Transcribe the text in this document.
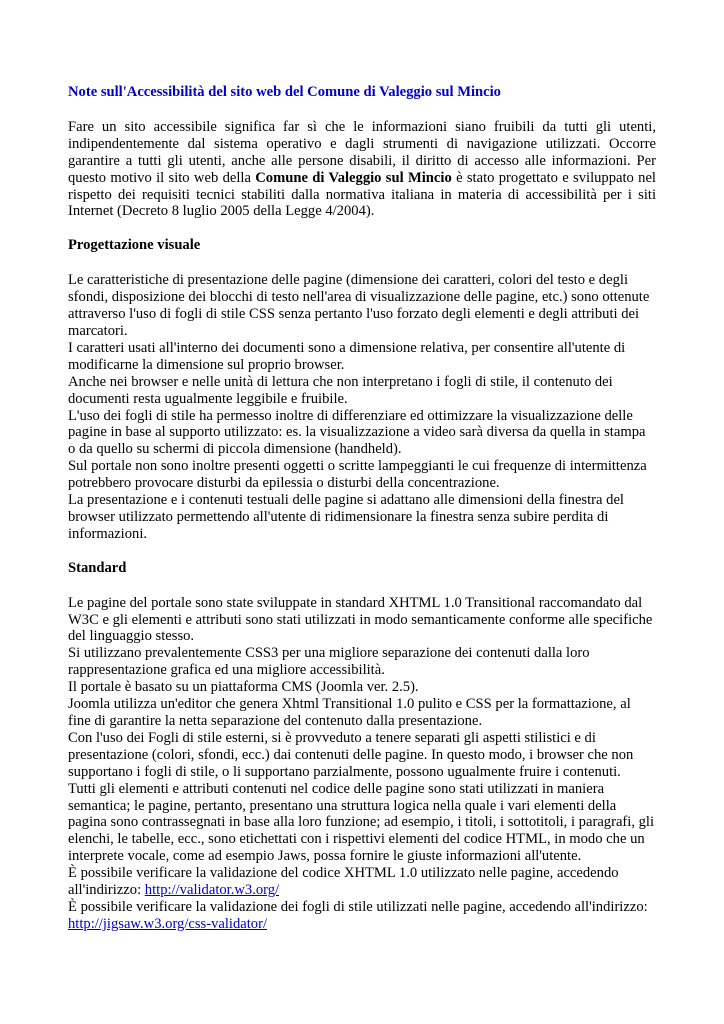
Note sull'Accessibilità del sito web del Comune di Valeggio sul Mincio
Fare un sito accessibile significa far sì che le informazioni siano fruibili da tutti gli utenti, indipendentemente dal sistema operativo e dagli strumenti di navigazione utilizzati. Occorre garantire a tutti gli utenti, anche alle persone disabili, il diritto di accesso alle informazioni. Per questo motivo il sito web della Comune di Valeggio sul Mincio è stato progettato e sviluppato nel rispetto dei requisiti tecnici stabiliti dalla normativa italiana in materia di accessibilità per i siti Internet (Decreto 8 luglio 2005 della Legge 4/2004).
Progettazione visuale
Le caratteristiche di presentazione delle pagine (dimensione dei caratteri, colori del testo e degli sfondi, disposizione dei blocchi di testo nell'area di visualizzazione delle pagine, etc.) sono ottenute attraverso l'uso di fogli di stile CSS senza pertanto l'uso forzato degli elementi e degli attributi dei marcatori.
I caratteri usati all'interno dei documenti sono a dimensione relativa, per consentire all'utente di modificarne la dimensione sul proprio browser.
Anche nei browser e nelle unità di lettura che non interpretano i fogli di stile, il contenuto dei documenti resta ugualmente leggibile e fruibile.
L'uso dei fogli di stile ha permesso inoltre di differenziare ed ottimizzare la visualizzazione delle pagine in base al supporto utilizzato: es. la visualizzazione a video sarà diversa da quella in stampa o da quello su schermi di piccola dimensione (handheld).
Sul portale non sono inoltre presenti oggetti o scritte lampeggianti le cui frequenze di intermittenza potrebbero provocare disturbi da epilessia o disturbi della concentrazione.
La presentazione e i contenuti testuali delle pagine si adattano alle dimensioni della finestra del browser utilizzato permettendo all'utente di ridimensionare la finestra senza subire perdita di informazioni.
Standard
Le pagine del portale sono state sviluppate in standard XHTML 1.0 Transitional raccomandato dal W3C e gli elementi e attributi sono stati utilizzati in modo semanticamente conforme alle specifiche del linguaggio stesso.
Si utilizzano prevalentemente CSS3 per una migliore separazione dei contenuti dalla loro rappresentazione grafica ed una migliore accessibilità.
Il portale è basato su un piattaforma CMS (Joomla ver. 2.5).
Joomla utilizza un'editor che genera Xhtml Transitional 1.0 pulito e CSS per la formattazione, al fine di garantire la netta separazione del contenuto dalla presentazione.
Con l'uso dei Fogli di stile esterni, si è provveduto a tenere separati gli aspetti stilistici e di presentazione (colori, sfondi, ecc.) dai contenuti delle pagine. In questo modo, i browser che non supportano i fogli di stile, o li supportano parzialmente, possono ugualmente fruire i contenuti.
Tutti gli elementi e attributi contenuti nel codice delle pagine sono stati utilizzati in maniera semantica; le pagine, pertanto, presentano una struttura logica nella quale i vari elementi della pagina sono contrassegnati in base alla loro funzione; ad esempio, i titoli, i sottotitoli, i paragrafi, gli elenchi, le tabelle, ecc., sono etichettati con i rispettivi elementi del codice HTML, in modo che un interprete vocale, come ad esempio Jaws, possa fornire le giuste informazioni all'utente.
È possibile verificare la validazione del codice XHTML 1.0 utilizzato nelle pagine, accedendo all'indirizzo: http://validator.w3.org/
È possibile verificare la validazione dei fogli di stile utilizzati nelle pagine, accedendo all'indirizzo: http://jigsaw.w3.org/css-validator/
